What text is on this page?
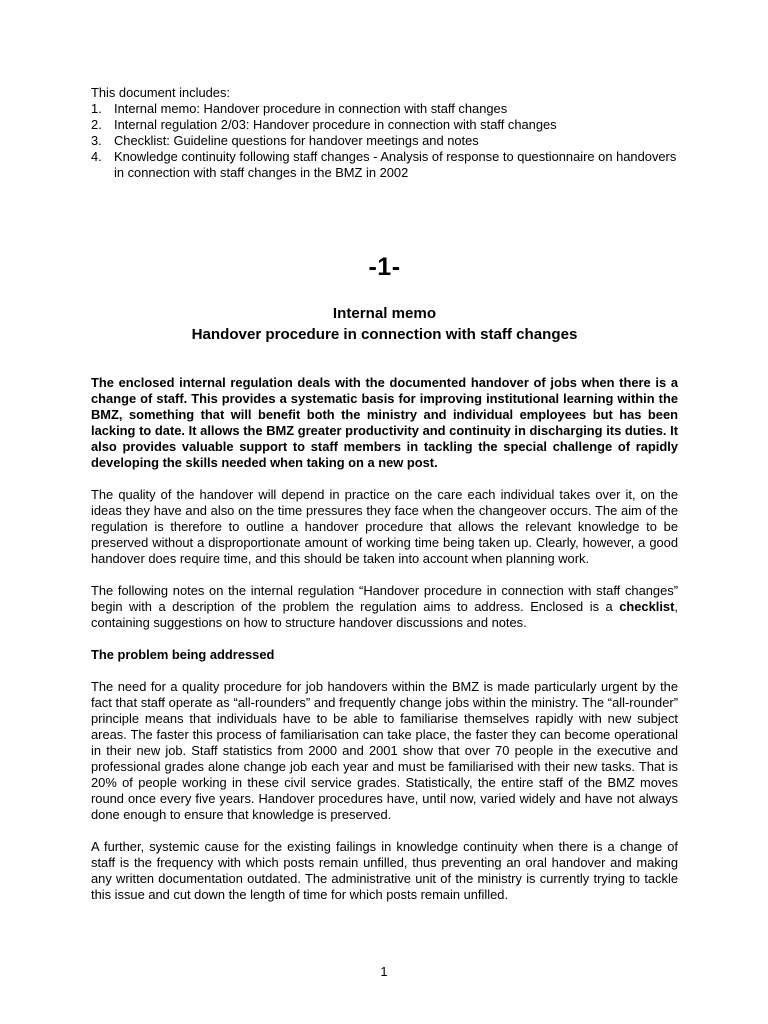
This document includes:

1. Internal memo: Handover procedure in connection with staff changes
2. Internal regulation 2/03: Handover procedure in connection with staff changes
3. Checklist: Guideline questions for handover meetings and notes
4. Knowledge continuity following staff changes - Analysis of response to questionnaire on handovers in connection with staff changes in the BMZ in 2002
-1-
Internal memo
Handover procedure in connection with staff changes

The enclosed internal regulation deals with the documented handover of jobs when there is a change of staff. This provides a systematic basis for improving institutional learning within the BMZ, something that will benefit both the ministry and individual employees but has been lacking to date. It allows the BMZ greater productivity and continuity in discharging its duties. It also provides valuable support to staff members in tackling the special challenge of rapidly developing the skills needed when taking on a new post.

The quality of the handover will depend in practice on the care each individual takes over it, on the ideas they have and also on the time pressures they face when the changeover occurs. The aim of the regulation is therefore to outline a handover procedure that allows the relevant knowledge to be preserved without a disproportionate amount of working time being taken up. Clearly, however, a good handover does require time, and this should be taken into account when planning work.

The following notes on the internal regulation “Handover procedure in connection with staff changes” begin with a description of the problem the regulation aims to address. Enclosed is a checklist, containing suggestions on how to structure handover discussions and notes.

The problem being addressed

The need for a quality procedure for job handovers within the BMZ is made particularly urgent by the fact that staff operate as “all-rounders” and frequently change jobs within the ministry. The “all-rounder” principle means that individuals have to be able to familiarise themselves rapidly with new subject areas. The faster this process of familiarisation can take place, the faster they can become operational in their new job. Staff statistics from 2000 and 2001 show that over 70 people in the executive and professional grades alone change job each year and must be familiarised with their new tasks. That is 20% of people working in these civil service grades. Statistically, the entire staff of the BMZ moves round once every five years. Handover procedures have, until now, varied widely and have not always done enough to ensure that knowledge is preserved.

A further, systemic cause for the existing failings in knowledge continuity when there is a change of staff is the frequency with which posts remain unfilled, thus preventing an oral handover and making any written documentation outdated. The administrative unit of the ministry is currently trying to tackle this issue and cut down the length of time for which posts remain unfilled.

1
